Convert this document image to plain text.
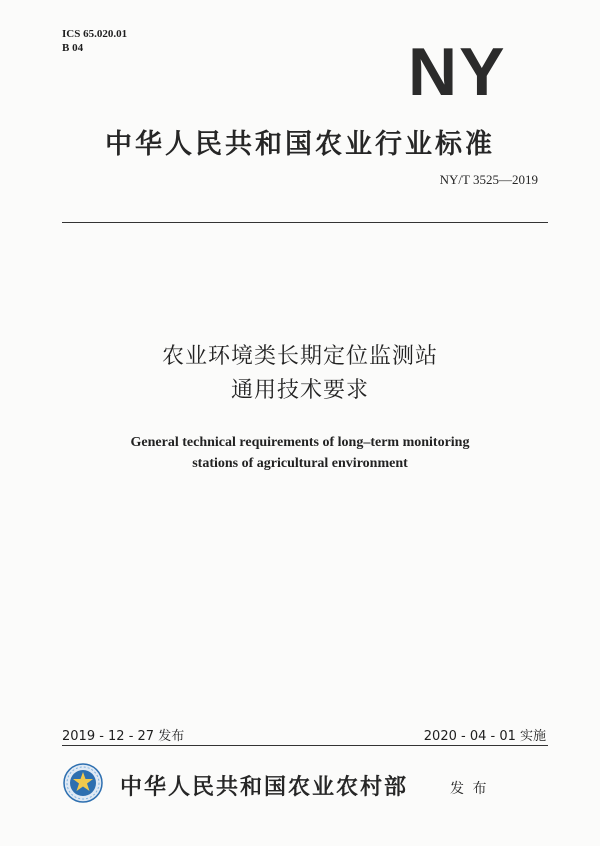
ICS 65.020.01
B 04	NY
中华人民共和国农业行业标准
NY/T 3525—2019
农业环境类长期定位监测站
通用技术要求
General technical requirements of long–term monitoring
stations of agricultural environment
2019 - 12 - 27 发布	2020 - 04 - 01 实施
中华人民共和国农业农村部	发 布
